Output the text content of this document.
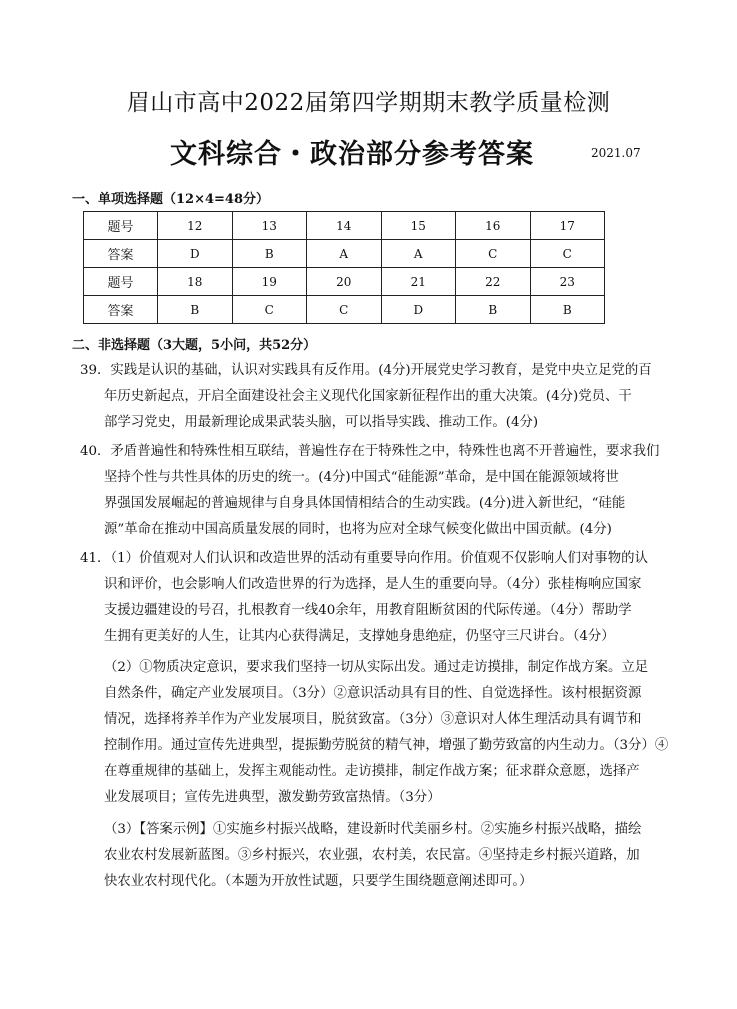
眉山市高中2022届第四学期期末教学质量检测
文科综合・政治部分参考答案	2021.07
一、单项选择题（12×4=48分）
题号	12	13	14	15	16	17
答案	D	B	A	A	C	C
题号	18	19	20	21	22	23
答案	B	C	C	D	B	B
二、非选择题（3大题，5小问，共52分）
39．实践是认识的基础，认识对实践具有反作用。(4分)开展党史学习教育，是党中央立足党的百
年历史新起点，开启全面建设社会主义现代化国家新征程作出的重大决策。(4分)党员、干
部学习党史，用最新理论成果武装头脑，可以指导实践、推动工作。(4分)
40．矛盾普遍性和特殊性相互联结，普遍性存在于特殊性之中，特殊性也离不开普遍性，要求我们
坚持个性与共性具体的历史的统一。(4分)中国式“硅能源”革命，是中国在能源领域将世
界强国发展崛起的普遍规律与自身具体国情相结合的生动实践。(4分)进入新世纪，“硅能
源”革命在推动中国高质量发展的同时，也将为应对全球气候变化做出中国贡献。(4分)
41．（1）价值观对人们认识和改造世界的活动有重要导向作用。价值观不仅影响人们对事物的认
识和评价，也会影响人们改造世界的行为选择，是人生的重要向导。（4分）张桂梅响应国家
支援边疆建设的号召，扎根教育一线40余年，用教育阻断贫困的代际传递。（4分）帮助学
生拥有更美好的人生，让其内心获得满足，支撑她身患绝症，仍坚守三尺讲台。（4分）
（2）①物质决定意识，要求我们坚持一切从实际出发。通过走访摸排，制定作战方案。立足
自然条件，确定产业发展项目。（3分）②意识活动具有目的性、自觉选择性。该村根据资源
情况，选择将养羊作为产业发展项目，脱贫致富。（3分）③意识对人体生理活动具有调节和
控制作用。通过宣传先进典型，提振勤劳脱贫的精气神，增强了勤劳致富的内生动力。（3分）④
在尊重规律的基础上，发挥主观能动性。走访摸排，制定作战方案；征求群众意愿，选择产
业发展项目；宣传先进典型，激发勤劳致富热情。（3分）
（3）【答案示例】①实施乡村振兴战略，建设新时代美丽乡村。②实施乡村振兴战略，描绘
农业农村发展新蓝图。③乡村振兴，农业强，农村美，农民富。④坚持走乡村振兴道路，加
快农业农村现代化。（本题为开放性试题，只要学生围绕题意阐述即可。）
